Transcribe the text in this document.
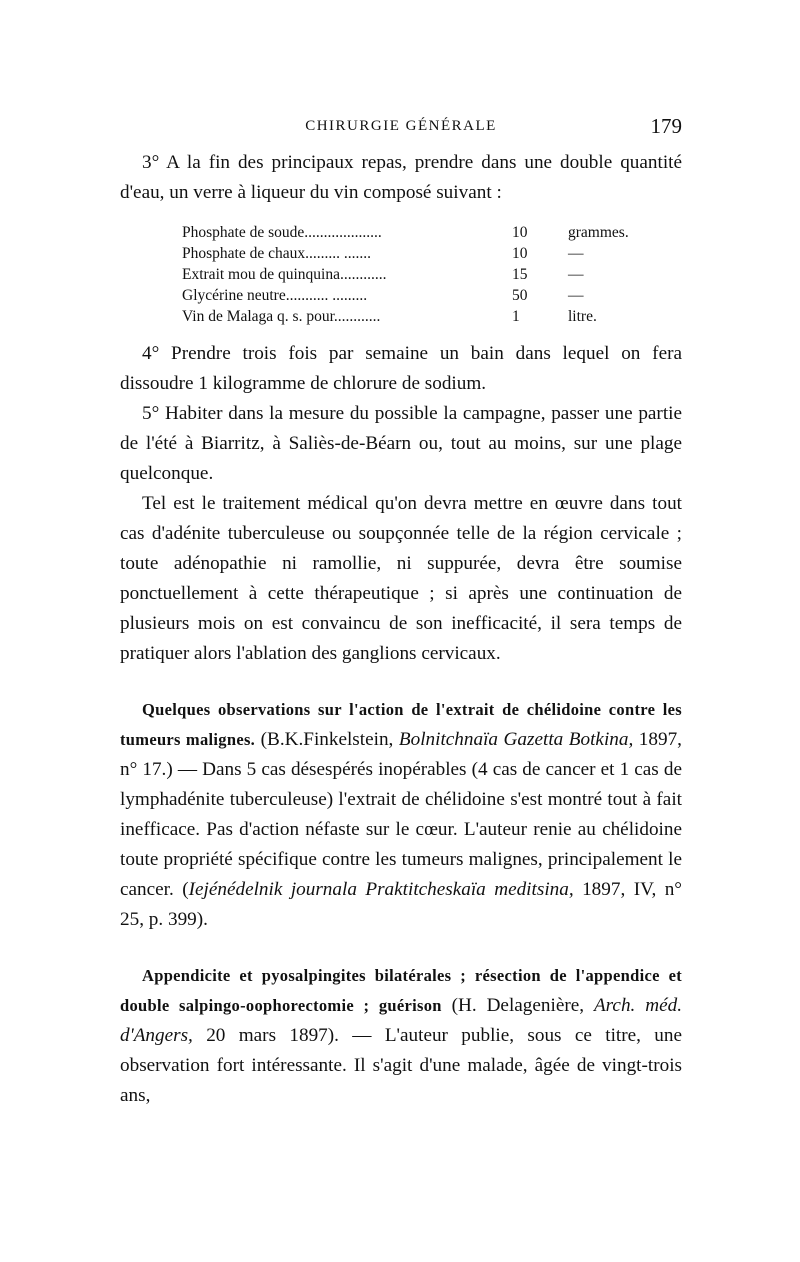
CHIRURGIE GÉNÉRALE	179

3° A la fin des principaux repas, prendre dans une double quantité d'eau, un verre à liqueur du vin composé suivant :

Phosphate de soude....................	10	grammes.
Phosphate de chaux......... .......	10	—
Extrait mou de quinquina............	15	—
Glycérine neutre........... .........	50	—
Vin de Malaga q. s. pour............	1	litre.

4° Prendre trois fois par semaine un bain dans lequel on fera dissoudre 1 kilogramme de chlorure de sodium.

5° Habiter dans la mesure du possible la campagne, passer une partie de l'été à Biarritz, à Saliès-de-Béarn ou, tout au moins, sur une plage quelconque.

Tel est le traitement médical qu'on devra mettre en œuvre dans tout cas d'adénite tuberculeuse ou soupçonnée telle de la région cervicale ; toute adénopathie ni ramollie, ni suppurée, devra être soumise ponctuellement à cette thérapeutique ; si après une continuation de plusieurs mois on est convaincu de son inefficacité, il sera temps de pratiquer alors l'ablation des ganglions cervicaux.

Quelques observations sur l'action de l'extrait de chélidoine contre les tumeurs malignes. (B.K.Finkelstein, Bolnitchnaïa Gazetta Botkina, 1897, n° 17.) — Dans 5 cas désespérés inopérables (4 cas de cancer et 1 cas de lymphadénite tuberculeuse) l'extrait de chélidoine s'est montré tout à fait inefficace. Pas d'action néfaste sur le cœur. L'auteur renie au chélidoine toute propriété spécifique contre les tumeurs malignes, principalement le cancer. (Iejénédelnik journala Praktitcheskaïa meditsina, 1897, IV, n° 25, p. 399).

Appendicite et pyosalpingites bilatérales ; résection de l'appendice et double salpingo-oophorectomie ; guérison (H. Delagenière, Arch. méd. d'Angers, 20 mars 1897). — L'auteur publie, sous ce titre, une observation fort intéressante. Il s'agit d'une malade, âgée de vingt-trois ans,
